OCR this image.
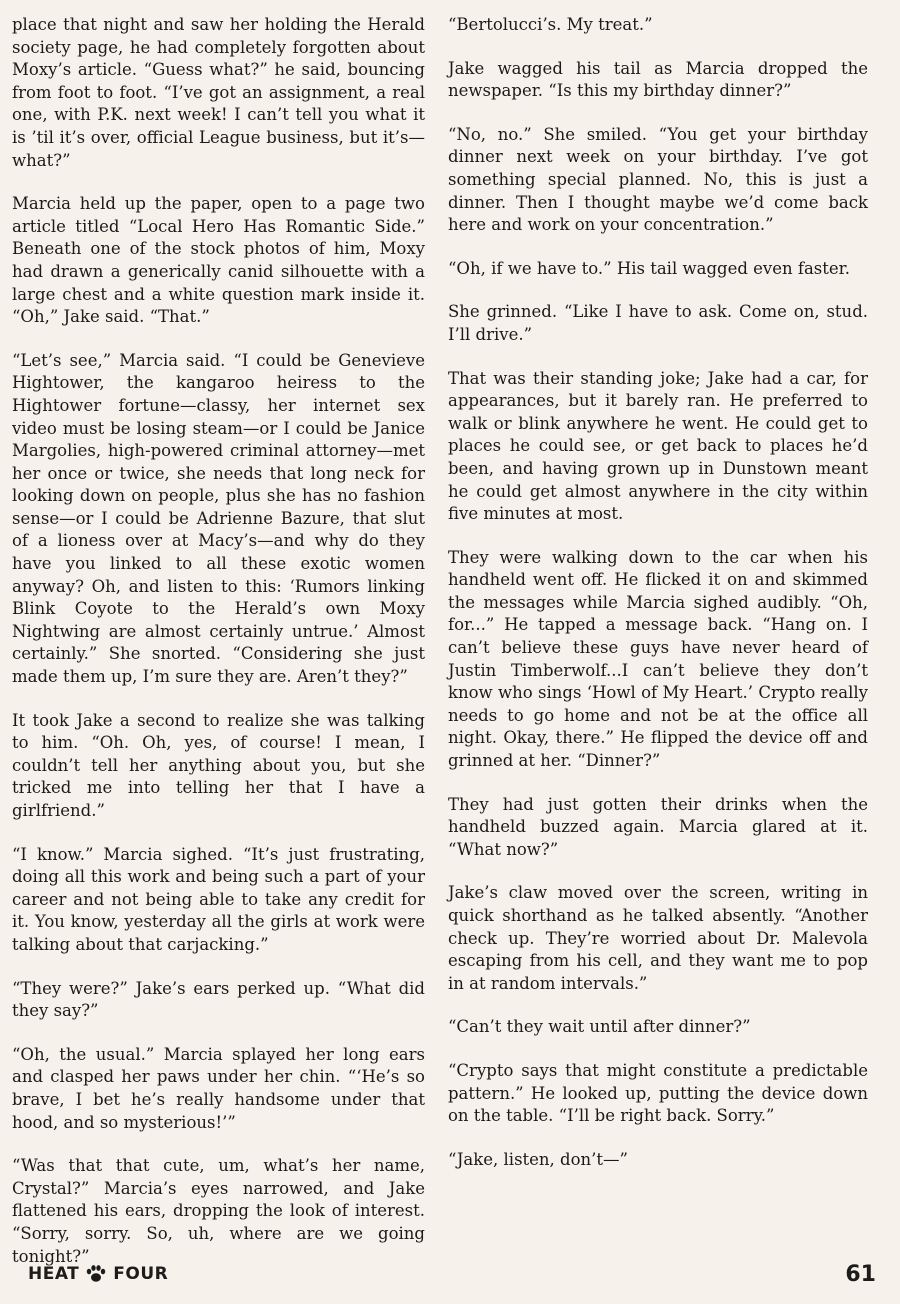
place that night and saw her holding the Herald society page, he had completely forgotten about Moxy’s article. “Guess what?” he said, bouncing from foot to foot. “I’ve got an assignment, a real one, with P.K. next week! I can’t tell you what it is ’til it’s over, official League business, but it’s—what?”

Marcia held up the paper, open to a page two article titled “Local Hero Has Romantic Side.” Beneath one of the stock photos of him, Moxy had drawn a generically canid silhouette with a large chest and a white question mark inside it. “Oh,” Jake said. “That.”

“Let’s see,” Marcia said. “I could be Genevieve Hightower, the kangaroo heiress to the Hightower fortune—classy, her internet sex video must be losing steam—or I could be Janice Margolies, high-powered criminal attorney—met her once or twice, she needs that long neck for looking down on people, plus she has no fashion sense—or I could be Adrienne Bazure, that slut of a lioness over at Macy’s—and why do they have you linked to all these exotic women anyway? Oh, and listen to this: ‘Rumors linking Blink Coyote to the Herald’s own Moxy Nightwing are almost certainly untrue.’ Almost certainly.” She snorted. “Considering she just made them up, I’m sure they are. Aren’t they?”

It took Jake a second to realize she was talking to him. “Oh. Oh, yes, of course! I mean, I couldn’t tell her anything about you, but she tricked me into telling her that I have a girlfriend.”

“I know.” Marcia sighed. “It’s just frustrating, doing all this work and being such a part of your career and not being able to take any credit for it. You know, yesterday all the girls at work were talking about that carjacking.”

“They were?” Jake’s ears perked up. “What did they say?”

“Oh, the usual.” Marcia splayed her long ears and clasped her paws under her chin. “‘He’s so brave, I bet he’s really handsome under that hood, and so mysterious!’”

“Was that that cute, um, what’s her name, Crystal?” Marcia’s eyes narrowed, and Jake flattened his ears, dropping the look of interest. “Sorry, sorry. So, uh, where are we going tonight?”

“Bertolucci’s. My treat.”

Jake wagged his tail as Marcia dropped the newspaper. “Is this my birthday dinner?”

“No, no.” She smiled. “You get your birthday dinner next week on your birthday. I’ve got something special planned. No, this is just a dinner. Then I thought maybe we’d come back here and work on your concentration.”

“Oh, if we have to.” His tail wagged even faster.

She grinned. “Like I have to ask. Come on, stud. I’ll drive.”

That was their standing joke; Jake had a car, for appearances, but it barely ran. He preferred to walk or blink anywhere he went. He could get to places he could see, or get back to places he’d been, and having grown up in Dunstown meant he could get almost anywhere in the city within five minutes at most.

They were walking down to the car when his handheld went off. He flicked it on and skimmed the messages while Marcia sighed audibly. “Oh, for...” He tapped a message back. “Hang on. I can’t believe these guys have never heard of Justin Timberwolf...I can’t believe they don’t know who sings ‘Howl of My Heart.’ Crypto really needs to go home and not be at the office all night. Okay, there.” He flipped the device off and grinned at her. “Dinner?”

They had just gotten their drinks when the handheld buzzed again. Marcia glared at it. “What now?”

Jake’s claw moved over the screen, writing in quick shorthand as he talked absently. “Another check up. They’re worried about Dr. Malevola escaping from his cell, and they want me to pop in at random intervals.”

“Can’t they wait until after dinner?”

“Crypto says that might constitute a predictable pattern.” He looked up, putting the device down on the table. “I’ll be right back. Sorry.”

“Jake, listen, don’t—”

HEAT FOUR	61
